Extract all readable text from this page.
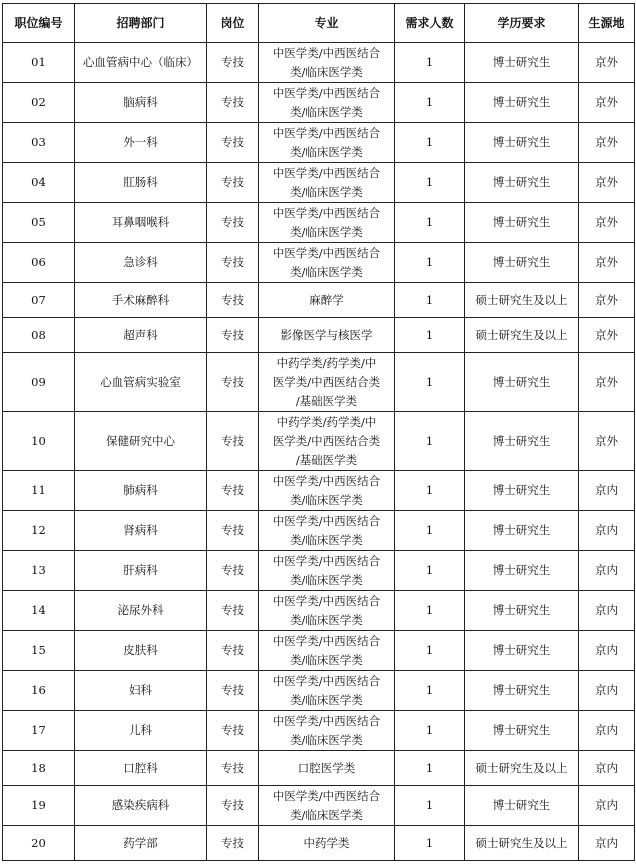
职位编号	招聘部门	岗位	专业	需求人数	学历要求	生源地
01	心血管病中心（临床）	专技	中医学类/中西医结合
类/临床医学类	1	博士研究生	京外
02	脑病科	专技	中医学类/中西医结合
类/临床医学类	1	博士研究生	京外
03	外一科	专技	中医学类/中西医结合
类/临床医学类	1	博士研究生	京外
04	肛肠科	专技	中医学类/中西医结合
类/临床医学类	1	博士研究生	京外
05	耳鼻咽喉科	专技	中医学类/中西医结合
类/临床医学类	1	博士研究生	京外
06	急诊科	专技	中医学类/中西医结合
类/临床医学类	1	博士研究生	京外
07	手术麻醉科	专技	麻醉学	1	硕士研究生及以上	京外
08	超声科	专技	影像医学与核医学	1	硕士研究生及以上	京外
09	心血管病实验室	专技	中药学类/药学类/中
医学类/中西医结合类
/基础医学类	1	博士研究生	京外
10	保健研究中心	专技	中药学类/药学类/中
医学类/中西医结合类
/基础医学类	1	博士研究生	京外
11	肺病科	专技	中医学类/中西医结合
类/临床医学类	1	博士研究生	京内
12	肾病科	专技	中医学类/中西医结合
类/临床医学类	1	博士研究生	京内
13	肝病科	专技	中医学类/中西医结合
类/临床医学类	1	博士研究生	京内
14	泌尿外科	专技	中医学类/中西医结合
类/临床医学类	1	博士研究生	京内
15	皮肤科	专技	中医学类/中西医结合
类/临床医学类	1	博士研究生	京内
16	妇科	专技	中医学类/中西医结合
类/临床医学类	1	博士研究生	京内
17	儿科	专技	中医学类/中西医结合
类/临床医学类	1	博士研究生	京内
18	口腔科	专技	口腔医学类	1	硕士研究生及以上	京内
19	感染疾病科	专技	中医学类/中西医结合
类/临床医学类	1	博士研究生	京内
20	药学部	专技	中药学类	1	硕士研究生及以上	京内
